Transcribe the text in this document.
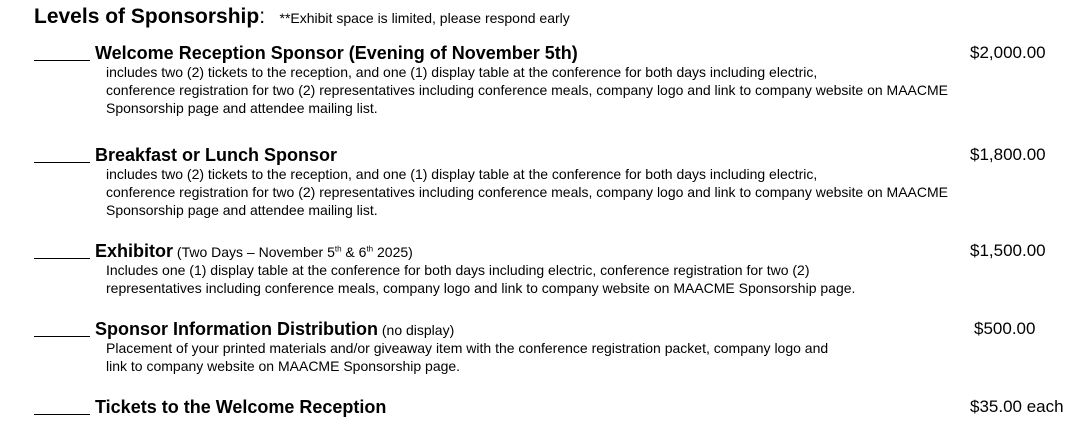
Levels of Sponsorship: **Exhibit space is limited, please respond early
Welcome Reception Sponsor (Evening of November 5th)	$2,000.00
includes two (2) tickets to the reception, and one (1) display table at the conference for both days including electric,
conference registration for two (2) representatives including conference meals, company logo and link to company website on MAACME
Sponsorship page and attendee mailing list.
Breakfast or Lunch Sponsor	$1,800.00
includes two (2) tickets to the reception, and one (1) display table at the conference for both days including electric,
conference registration for two (2) representatives including conference meals, company logo and link to company website on MAACME
Sponsorship page and attendee mailing list.
Exhibitor (Two Days – November 5th & 6th 2025)	$1,500.00
Includes one (1) display table at the conference for both days including electric, conference registration for two (2)
representatives including conference meals, company logo and link to company website on MAACME Sponsorship page.
Sponsor Information Distribution (no display)	$500.00
Placement of your printed materials and/or giveaway item with the conference registration packet, company logo and
link to company website on MAACME Sponsorship page.
Tickets to the Welcome Reception	$35.00 each
